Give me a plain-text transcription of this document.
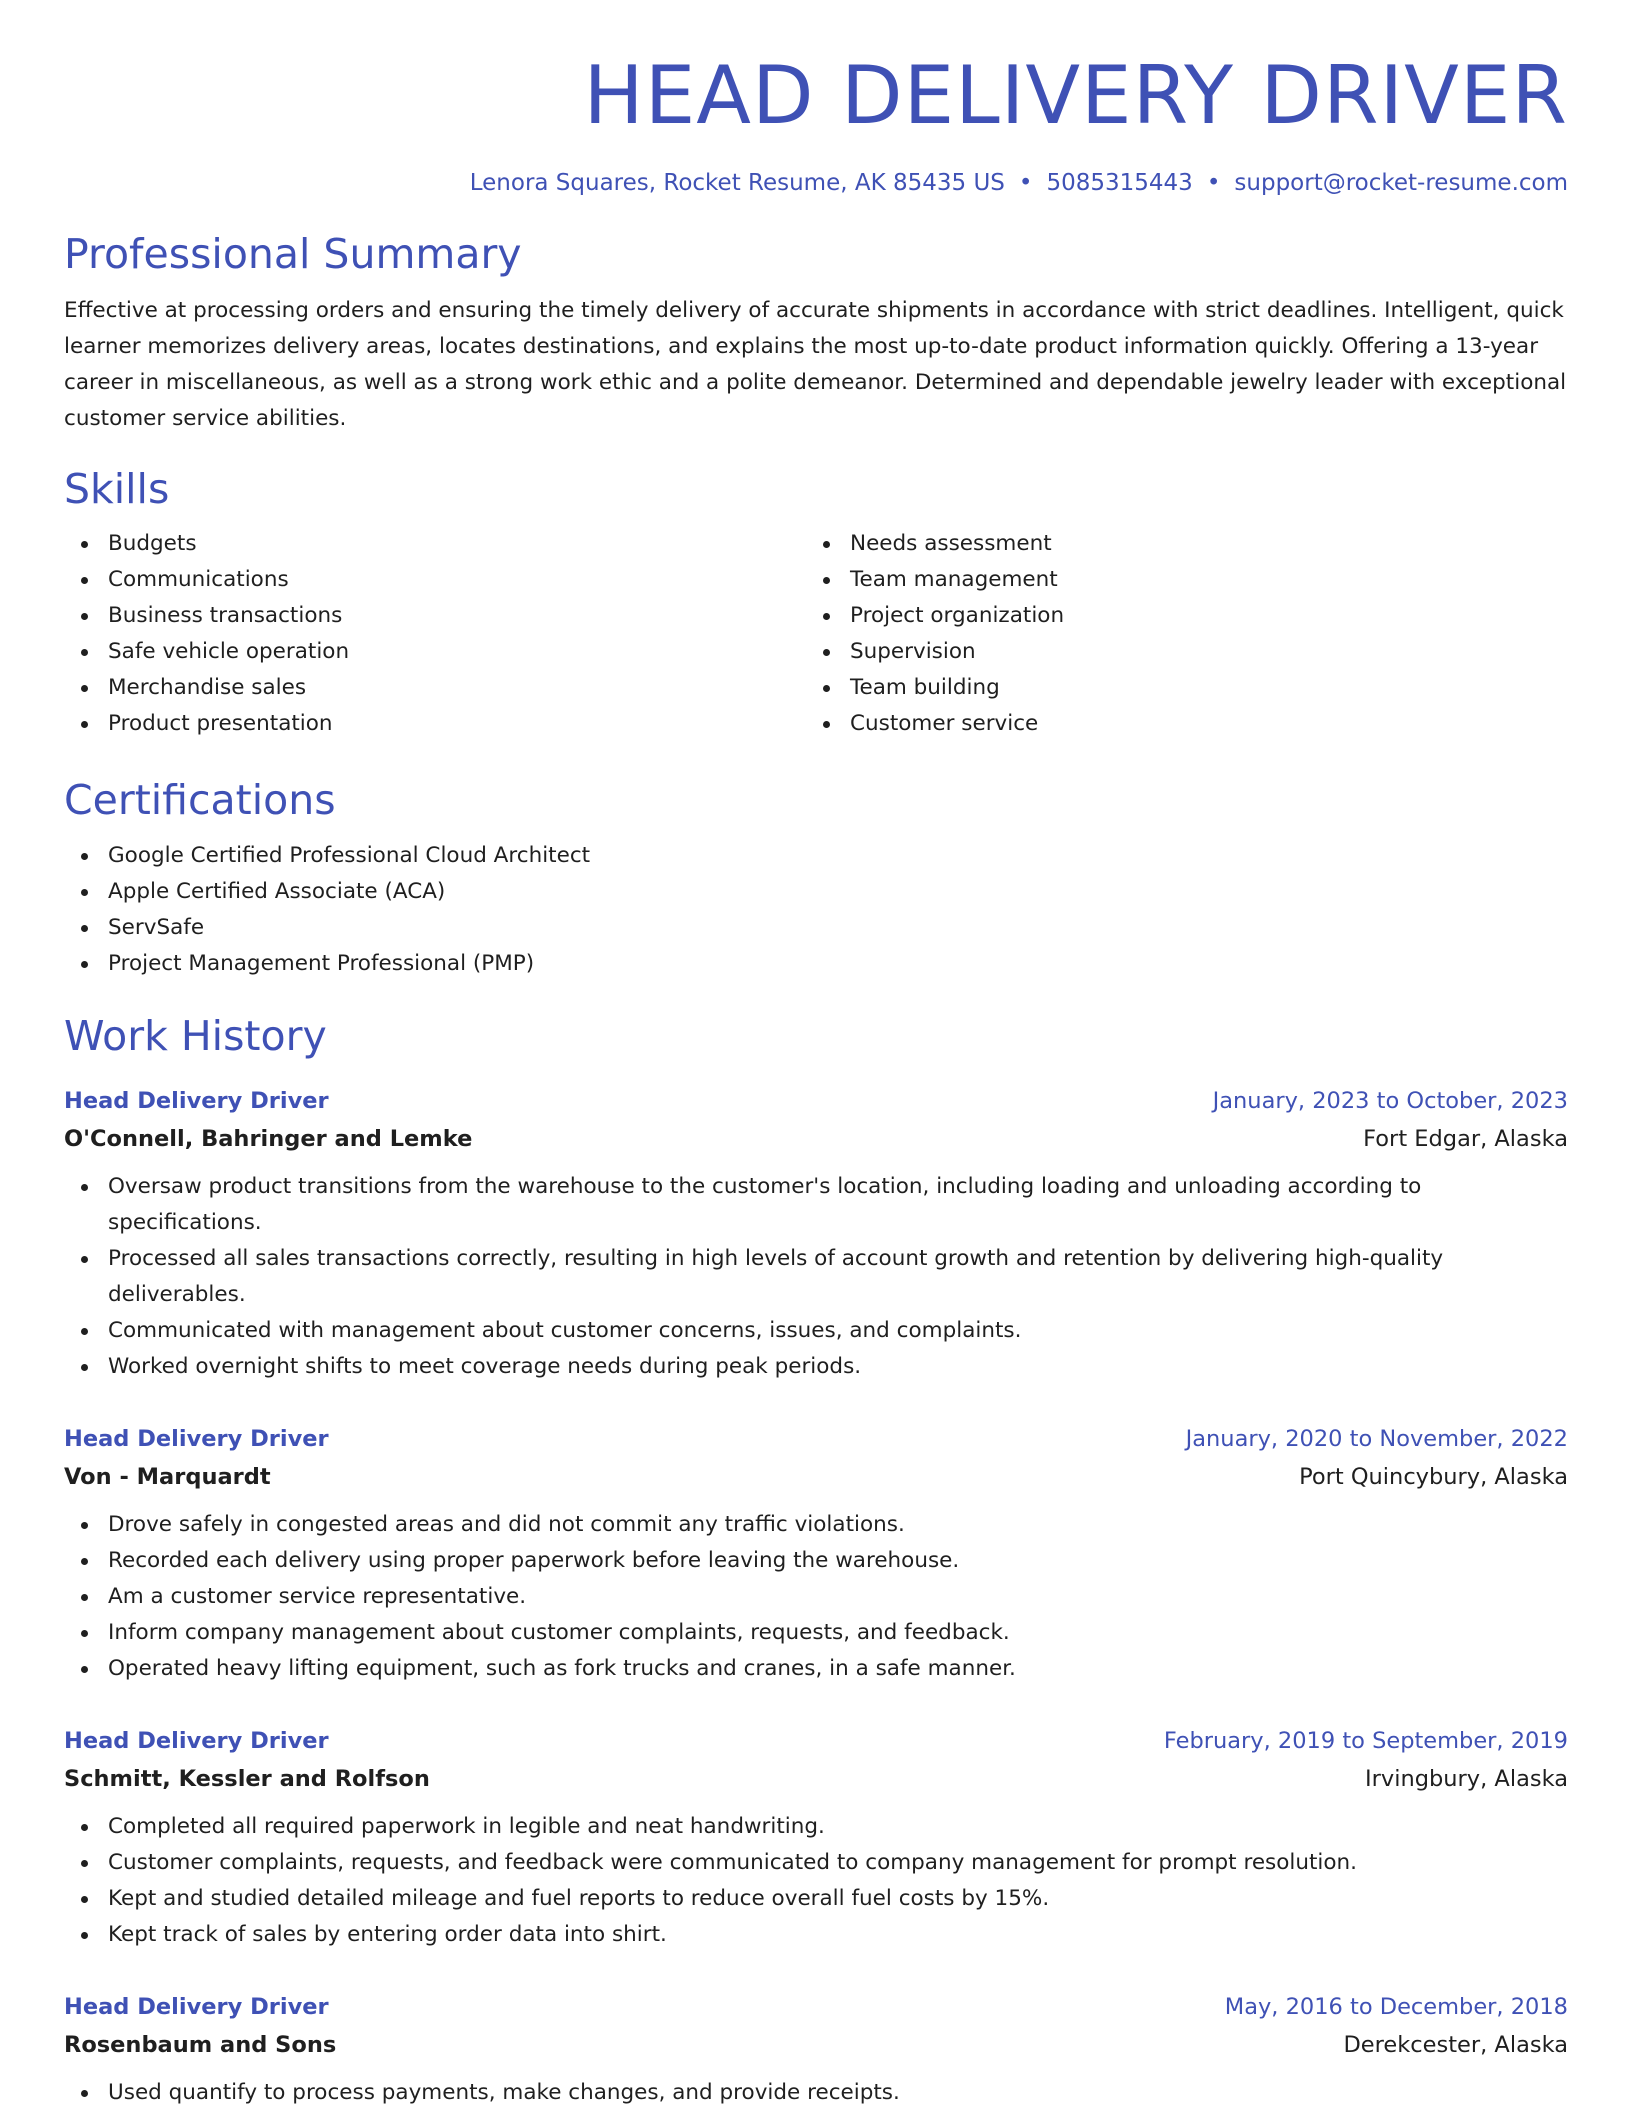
HEAD DELIVERY DRIVER
Lenora Squares, Rocket Resume, AK 85435 US • 5085315443 • support@rocket-resume.com
Professional Summary

Effective at processing orders and ensuring the timely delivery of accurate shipments in accordance with strict deadlines. Intelligent, quick learner memorizes delivery areas, locates destinations, and explains the most up-to-date product information quickly. Offering a 13-year career in miscellaneous, as well as a strong work ethic and a polite demeanor. Determined and dependable jewelry leader with exceptional customer service abilities.

Skills
Budgets
Communications
Business transactions
Safe vehicle operation
Merchandise sales
Product presentation
Needs assessment
Team management
Project organization
Supervision
Team building
Customer service
Certifications
Google Certified Professional Cloud Architect
Apple Certified Associate (ACA)
ServSafe
Project Management Professional (PMP)
Work History
Head Delivery Driver	January, 2023 to October, 2023
O'Connell, Bahringer and Lemke	Fort Edgar, Alaska
Oversaw product transitions from the warehouse to the customer's location, including loading and unloading according to specifications.
Processed all sales transactions correctly, resulting in high levels of account growth and retention by delivering high-quality deliverables.
Communicated with management about customer concerns, issues, and complaints.
Worked overnight shifts to meet coverage needs during peak periods.
Head Delivery Driver	January, 2020 to November, 2022
Von - Marquardt	Port Quincybury, Alaska
Drove safely in congested areas and did not commit any traffic violations.
Recorded each delivery using proper paperwork before leaving the warehouse.
Am a customer service representative.
Inform company management about customer complaints, requests, and feedback.
Operated heavy lifting equipment, such as fork trucks and cranes, in a safe manner.
Head Delivery Driver	February, 2019 to September, 2019
Schmitt, Kessler and Rolfson	Irvingbury, Alaska
Completed all required paperwork in legible and neat handwriting.
Customer complaints, requests, and feedback were communicated to company management for prompt resolution.
Kept and studied detailed mileage and fuel reports to reduce overall fuel costs by 15%.
Kept track of sales by entering order data into shirt.
Head Delivery Driver	May, 2016 to December, 2018
Rosenbaum and Sons	Derekcester, Alaska
Used quantify to process payments, make changes, and provide receipts.
